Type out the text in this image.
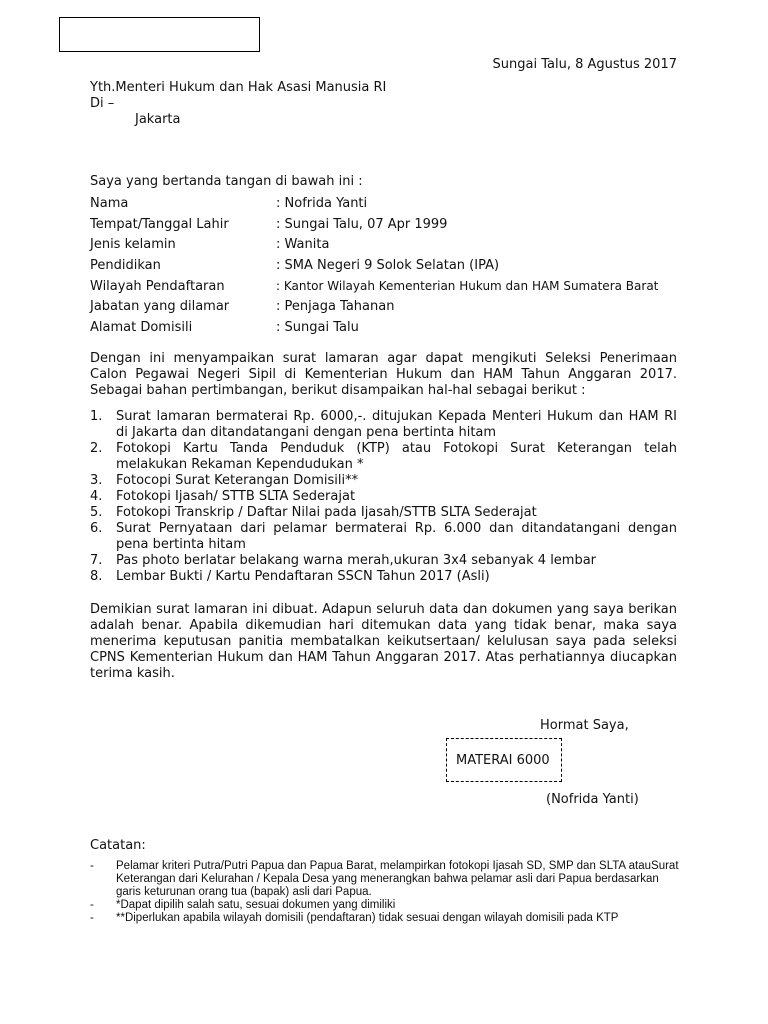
Sungai Talu, 8 Agustus 2017
Yth.Menteri Hukum dan Hak Asasi Manusia RI
Di –
Jakarta
Saya yang bertanda tangan di bawah ini :
Nama	: Nofrida Yanti
Tempat/Tanggal Lahir	: Sungai Talu, 07 Apr 1999
Jenis kelamin	: Wanita
Pendidikan	: SMA Negeri 9 Solok Selatan (IPA)
Wilayah Pendaftaran	: Kantor Wilayah Kementerian Hukum dan HAM Sumatera Barat
Jabatan yang dilamar	: Penjaga Tahanan
Alamat Domisili	: Sungai Talu

Dengan ini menyampaikan surat lamaran agar dapat mengikuti Seleksi Penerimaan Calon Pegawai Negeri Sipil di Kementerian Hukum dan HAM Tahun Anggaran 2017. Sebagai bahan pertimbangan, berikut disampaikan hal-hal sebagai berikut :

1.	Surat lamaran bermaterai Rp. 6000,-. ditujukan Kepada Menteri Hukum dan HAM RI di Jakarta dan ditandatangani dengan pena bertinta hitam
2.	Fotokopi Kartu Tanda Penduduk (KTP) atau Fotokopi Surat Keterangan telah melakukan Rekaman Kependudukan *
3.	Fotocopi Surat Keterangan Domisili**
4.	Fotokopi Ijasah/ STTB SLTA Sederajat
5.	Fotokopi Transkrip / Daftar Nilai pada Ijasah/STTB SLTA Sederajat
6.	Surat Pernyataan dari pelamar bermaterai Rp. 6.000 dan ditandatangani dengan pena bertinta hitam
7.	Pas photo berlatar belakang warna merah,ukuran 3x4 sebanyak 4 lembar
8.	Lembar Bukti / Kartu Pendaftaran SSCN Tahun 2017 (Asli)

Demikian surat lamaran ini dibuat. Adapun seluruh data dan dokumen yang saya berikan adalah benar. Apabila dikemudian hari ditemukan data yang tidak benar, maka saya menerima keputusan panitia membatalkan keikutsertaan/ kelulusan saya pada seleksi CPNS Kementerian Hukum dan HAM Tahun Anggaran 2017. Atas perhatiannya diucapkan terima kasih.

Hormat Saya,
MATERAI 6000
(Nofrida Yanti)
Catatan:
-	Pelamar kriteri Putra/Putri Papua dan Papua Barat, melampirkan fotokopi Ijasah SD, SMP dan SLTA atauSurat Keterangan dari Kelurahan / Kepala Desa yang menerangkan bahwa pelamar asli dari Papua berdasarkan garis keturunan orang tua (bapak) asli dari Papua.
-	*Dapat dipilih salah satu, sesuai dokumen yang dimiliki
-	**Diperlukan apabila wilayah domisili (pendaftaran) tidak sesuai dengan wilayah domisili pada KTP
